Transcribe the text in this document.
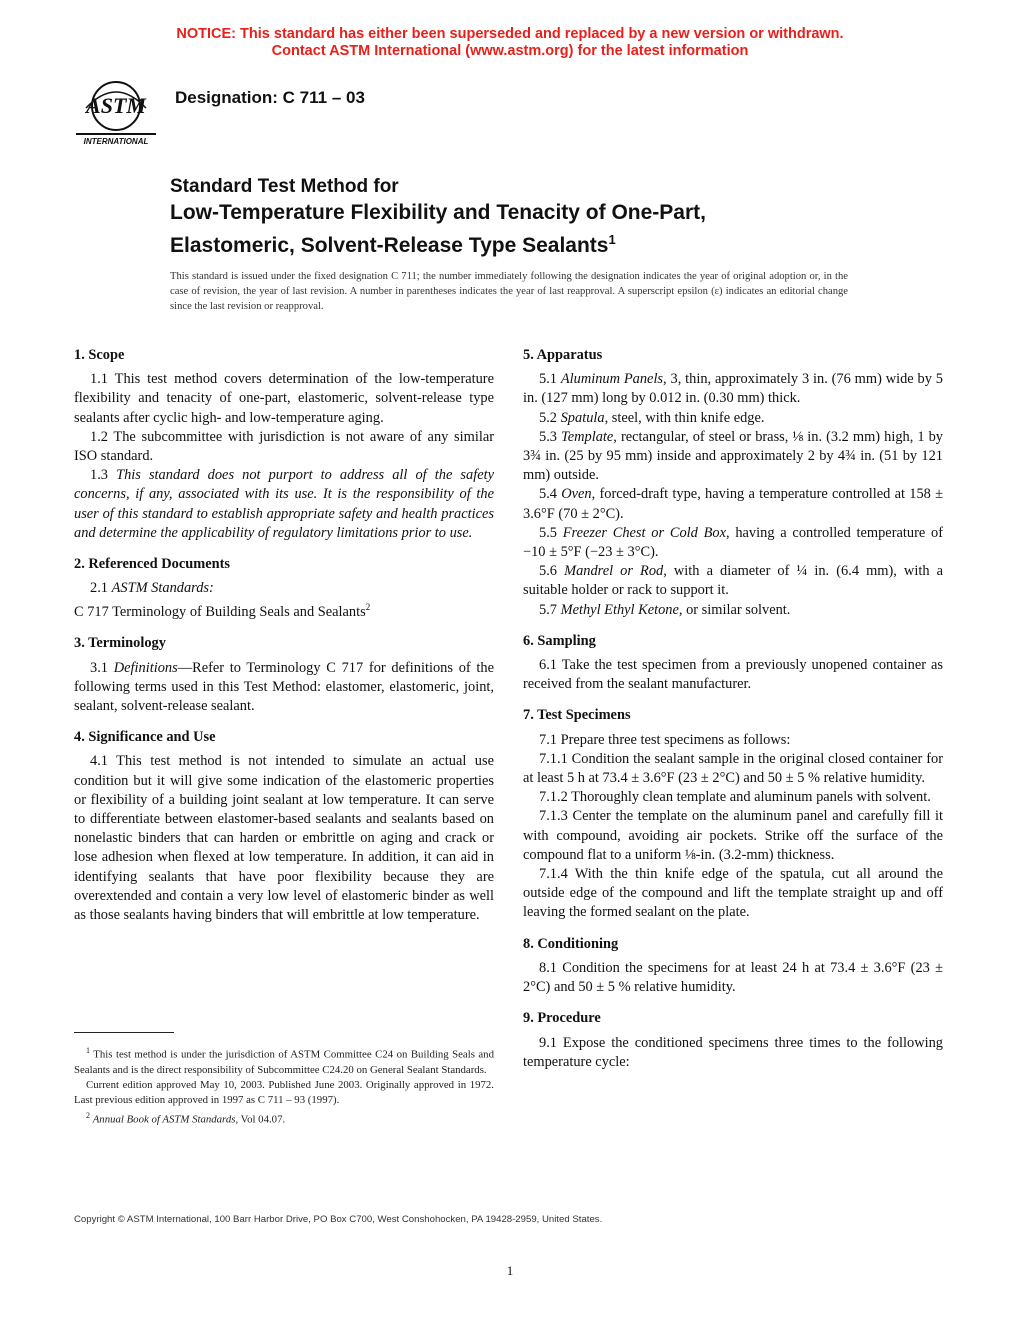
NOTICE: This standard has either been superseded and replaced by a new version or withdrawn.
Contact ASTM International (www.astm.org) for the latest information
ASTM
INTERNATIONAL
Designation: C 711 – 03
Standard Test Method for
Low-Temperature Flexibility and Tenacity of One-Part,
Elastomeric, Solvent-Release Type Sealants$^1$
This standard is issued under the fixed designation C 711; the number immediately following the designation indicates the year of original adoption or, in the case of revision, the year of last revision. A number in parentheses indicates the year of last reapproval. A superscript epsilon (ε) indicates an editorial change since the last revision or reapproval.
1. Scope

1.1 This test method covers determination of the low-temperature flexibility and tenacity of one-part, elastomeric, solvent-release type sealants after cyclic high- and low-temperature aging.

1.2 The subcommittee with jurisdiction is not aware of any similar ISO standard.

1.3 This standard does not purport to address all of the safety concerns, if any, associated with its use. It is the responsibility of the user of this standard to establish appropriate safety and health practices and determine the applicability of regulatory limitations prior to use.

2. Referenced Documents

2.1 ASTM Standards:

C 717 Terminology of Building Seals and Sealants$^2$

3. Terminology

3.1 Definitions—Refer to Terminology C 717 for definitions of the following terms used in this Test Method: elastomer, elastomeric, joint, sealant, solvent-release sealant.

4. Significance and Use

4.1 This test method is not intended to simulate an actual use condition but it will give some indication of the elastomeric properties or flexibility of a building joint sealant at low temperature. It can serve to differentiate between elastomer-based sealants and sealants based on nonelastic binders that can harden or embrittle on aging and crack or lose adhesion when flexed at low temperature. In addition, it can aid in identifying sealants that have poor flexibility because they are overextended and contain a very low level of elastomeric binder as well as those sealants having binders that will embrittle at low temperature.

5. Apparatus

5.1 Aluminum Panels, 3, thin, approximately 3 in. (76 mm) wide by 5 in. (127 mm) long by 0.012 in. (0.30 mm) thick.

5.2 Spatula, steel, with thin knife edge.

5.3 Template, rectangular, of steel or brass, ⅛ in. (3.2 mm) high, 1 by 3¾ in. (25 by 95 mm) inside and approximately 2 by 4¾ in. (51 by 121 mm) outside.

5.4 Oven, forced-draft type, having a temperature controlled at 158 ± 3.6°F (70 ± 2°C).

5.5 Freezer Chest or Cold Box, having a controlled temperature of −10 ± 5°F (−23 ± 3°C).

5.6 Mandrel or Rod, with a diameter of ¼ in. (6.4 mm), with a suitable holder or rack to support it.

5.7 Methyl Ethyl Ketone, or similar solvent.

6. Sampling

6.1 Take the test specimen from a previously unopened container as received from the sealant manufacturer.

7. Test Specimens

7.1 Prepare three test specimens as follows:

7.1.1 Condition the sealant sample in the original closed container for at least 5 h at 73.4 ± 3.6°F (23 ± 2°C) and 50 ± 5 % relative humidity.

7.1.2 Thoroughly clean template and aluminum panels with solvent.

7.1.3 Center the template on the aluminum panel and carefully fill it with compound, avoiding air pockets. Strike off the surface of the compound flat to a uniform ⅛-in. (3.2-mm) thickness.

7.1.4 With the thin knife edge of the spatula, cut all around the outside edge of the compound and lift the template straight up and off leaving the formed sealant on the plate.

8. Conditioning

8.1 Condition the specimens for at least 24 h at 73.4 ± 3.6°F (23 ± 2°C) and 50 ± 5 % relative humidity.

9. Procedure

9.1 Expose the conditioned specimens three times to the following temperature cycle:

$^1$ This test method is under the jurisdiction of ASTM Committee C24 on Building Seals and Sealants and is the direct responsibility of Subcommittee C24.20 on General Sealant Standards.

Current edition approved May 10, 2003. Published June 2003. Originally approved in 1972. Last previous edition approved in 1997 as C 711 – 93 (1997).

$^2$ Annual Book of ASTM Standards, Vol 04.07.

Copyright © ASTM International, 100 Barr Harbor Drive, PO Box C700, West Conshohocken, PA 19428-2959, United States.
1
